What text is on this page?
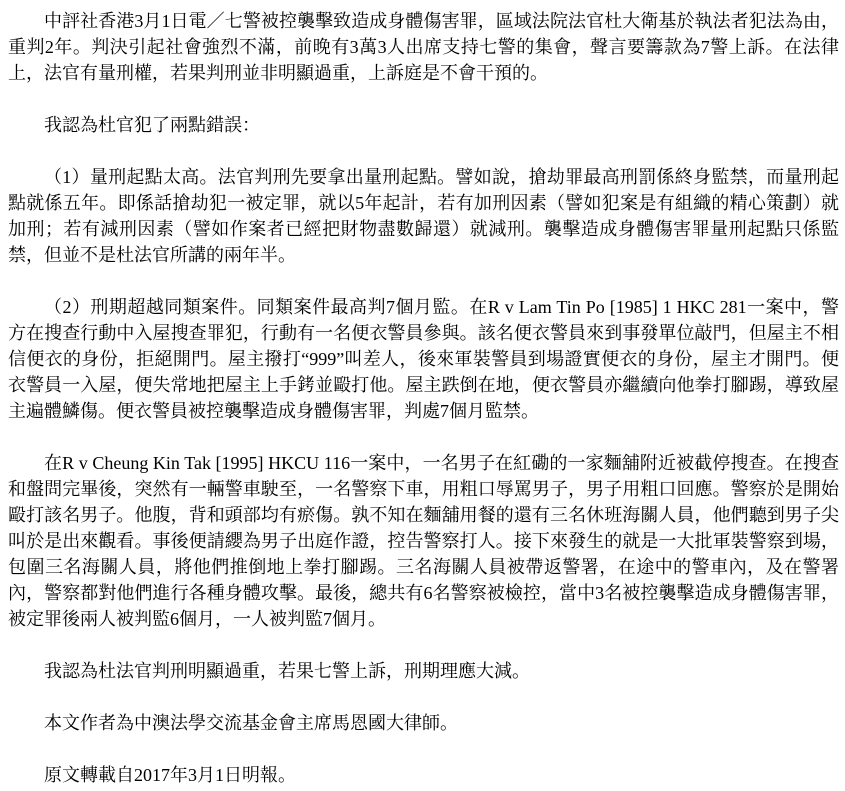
中評社香港3月1日電／七警被控襲擊致造成身體傷害罪，區域法院法官杜大衛基於執法者犯法為由，重判2年。判決引起社會強烈不滿，前晚有3萬3人出席支持七警的集會，聲言要籌款為7警上訴。在法律上，法官有量刑權，若果判刑並非明顯過重，上訴庭是不會干預的。

我認為杜官犯了兩點錯誤：

（1）量刑起點太高。法官判刑先要拿出量刑起點。譬如說，搶劫罪最高刑罰係終身監禁，而量刑起點就係五年。即係話搶劫犯一被定罪，就以5年起計，若有加刑因素（譬如犯案是有組織的精心策劃）就加刑；若有減刑因素（譬如作案者已經把財物盡數歸還）就減刑。襲擊造成身體傷害罪量刑起點只係監禁，但並不是杜法官所講的兩年半。

（2）刑期超越同類案件。同類案件最高判7個月監。在R v Lam Tin Po [1985] 1 HKC 281一案中，警方在搜查行動中入屋搜查罪犯，行動有一名便衣警員參與。該名便衣警員來到事發單位敲門，但屋主不相信便衣的身份，拒絕開門。屋主撥打“999”叫差人，後來軍裝警員到場證實便衣的身份，屋主才開門。便衣警員一入屋，便失常地把屋主上手銬並毆打他。屋主跌倒在地，便衣警員亦繼續向他拳打腳踢，導致屋主遍體鱗傷。便衣警員被控襲擊造成身體傷害罪，判處7個月監禁。

在R v Cheung Kin Tak [1995] HKCU 116一案中，一名男子在紅磡的一家麵舖附近被截停搜查。在搜查和盤問完畢後，突然有一輛警車駛至，一名警察下車，用粗口辱罵男子，男子用粗口回應。警察於是開始毆打該名男子。他腹，背和頭部均有瘀傷。孰不知在麵舖用餐的還有三名休班海關人員，他們聽到男子尖叫於是出來觀看。事後便請纓為男子出庭作證，控告警察打人。接下來發生的就是一大批軍裝警察到場，包圍三名海關人員，將他們推倒地上拳打腳踢。三名海關人員被帶返警署，在途中的警車內，及在警署內，警察都對他們進行各種身體攻擊。最後，總共有6名警察被檢控，當中3名被控襲擊造成身體傷害罪，被定罪後兩人被判監6個月，一人被判監7個月。

我認為杜法官判刑明顯過重，若果七警上訴，刑期理應大減。

本文作者為中澳法學交流基金會主席馬恩國大律師。

原文轉載自2017年3月1日明報。
